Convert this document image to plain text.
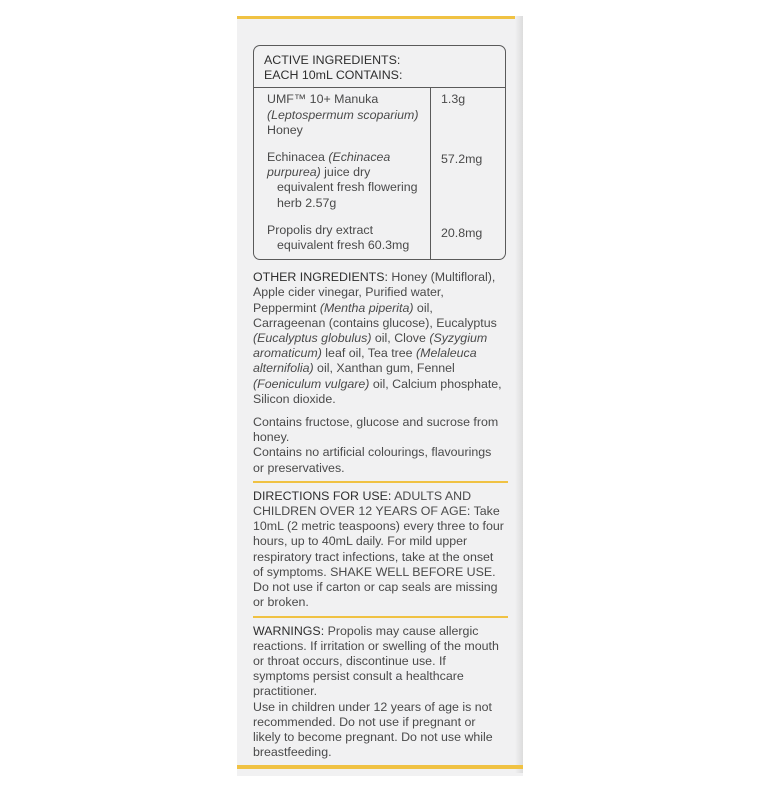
ACTIVE INGREDIENTS:
EACH 10mL CONTAINS:
UMF™ 10+ Manuka
(Leptospermum scoparium)
Honey
Echinacea (Echinacea purpurea) juice dry
equivalent fresh flowering herb 2.57g
Propolis dry extract
equivalent fresh 60.3mg
1.3g
57.2mg
20.8mg

OTHER INGREDIENTS: Honey (Multifloral), Apple cider vinegar, Purified water, Peppermint (Mentha piperita) oil, Carrageenan (contains glucose), Eucalyptus (Eucalyptus globulus) oil, Clove (Syzygium aromaticum) leaf oil, Tea tree (Melaleuca alternifolia) oil, Xanthan gum, Fennel (Foeniculum vulgare) oil, Calcium phosphate, Silicon dioxide.

Contains fructose, glucose and sucrose from honey.

Contains no artificial colourings, flavourings or preservatives.

DIRECTIONS FOR USE: ADULTS AND CHILDREN OVER 12 YEARS OF AGE: Take 10mL (2 metric teaspoons) every three to four hours, up to 40mL daily. For mild upper respiratory tract infections, take at the onset of symptoms. SHAKE WELL BEFORE USE.

Do not use if carton or cap seals are missing or broken.

WARNINGS: Propolis may cause allergic reactions. If irritation or swelling of the mouth or throat occurs, discontinue use. If symptoms persist consult a healthcare practitioner.

Use in children under 12 years of age is not recommended. Do not use if pregnant or likely to become pregnant. Do not use while breastfeeding.
